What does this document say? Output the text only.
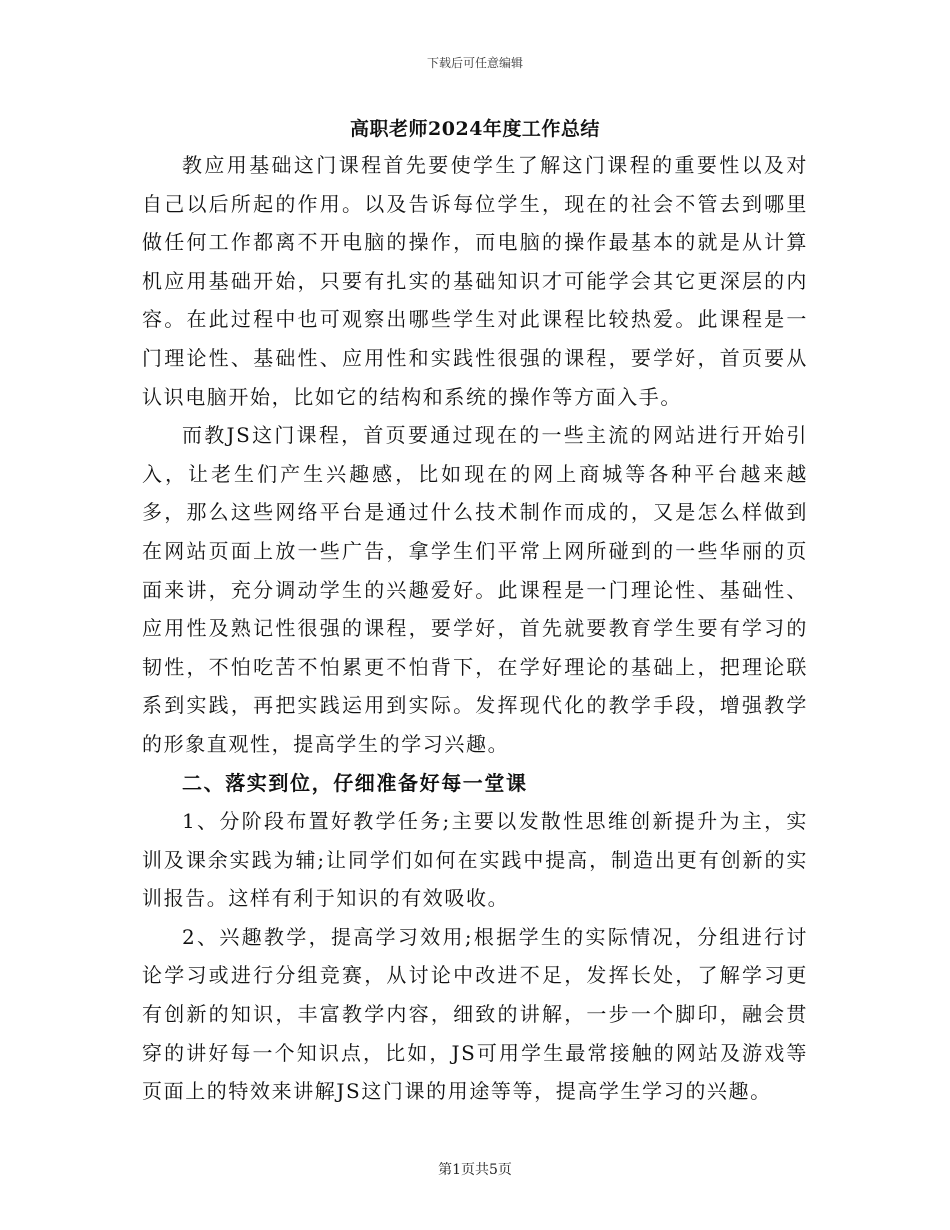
下载后可任意编辑
高职老师2024年度工作总结

教应用基础这门课程首先要使学生了解这门课程的重要性以及对自己以后所起的作用。以及告诉每位学生，现在的社会不管去到哪里做任何工作都离不开电脑的操作，而电脑的操作最基本的就是从计算机应用基础开始，只要有扎实的基础知识才可能学会其它更深层的内容。在此过程中也可观察出哪些学生对此课程比较热爱。此课程是一门理论性、基础性、应用性和实践性很强的课程，要学好，首页要从认识电脑开始，比如它的结构和系统的操作等方面入手。

而教JS这门课程，首页要通过现在的一些主流的网站进行开始引入，让老生们产生兴趣感，比如现在的网上商城等各种平台越来越多，那么这些网络平台是通过什么技术制作而成的，又是怎么样做到在网站页面上放一些广告，拿学生们平常上网所碰到的一些华丽的页面来讲，充分调动学生的兴趣爱好。此课程是一门理论性、基础性、应用性及熟记性很强的课程，要学好，首先就要教育学生要有学习的韧性，不怕吃苦不怕累更不怕背下，在学好理论的基础上，把理论联系到实践，再把实践运用到实际。发挥现代化的教学手段，增强教学的形象直观性，提高学生的学习兴趣。

二、落实到位，仔细准备好每一堂课

1、分阶段布置好教学任务;主要以发散性思维创新提升为主，实训及课余实践为辅;让同学们如何在实践中提高，制造出更有创新的实训报告。这样有利于知识的有效吸收。

2、兴趣教学，提高学习效用;根据学生的实际情况，分组进行讨论学习或进行分组竞赛，从讨论中改进不足，发挥长处，了解学习更有创新的知识，丰富教学内容，细致的讲解，一步一个脚印，融会贯穿的讲好每一个知识点，比如，JS可用学生最常接触的网站及游戏等页面上的特效来讲解JS这门课的用途等等，提高学生学习的兴趣。

第1页共5页
